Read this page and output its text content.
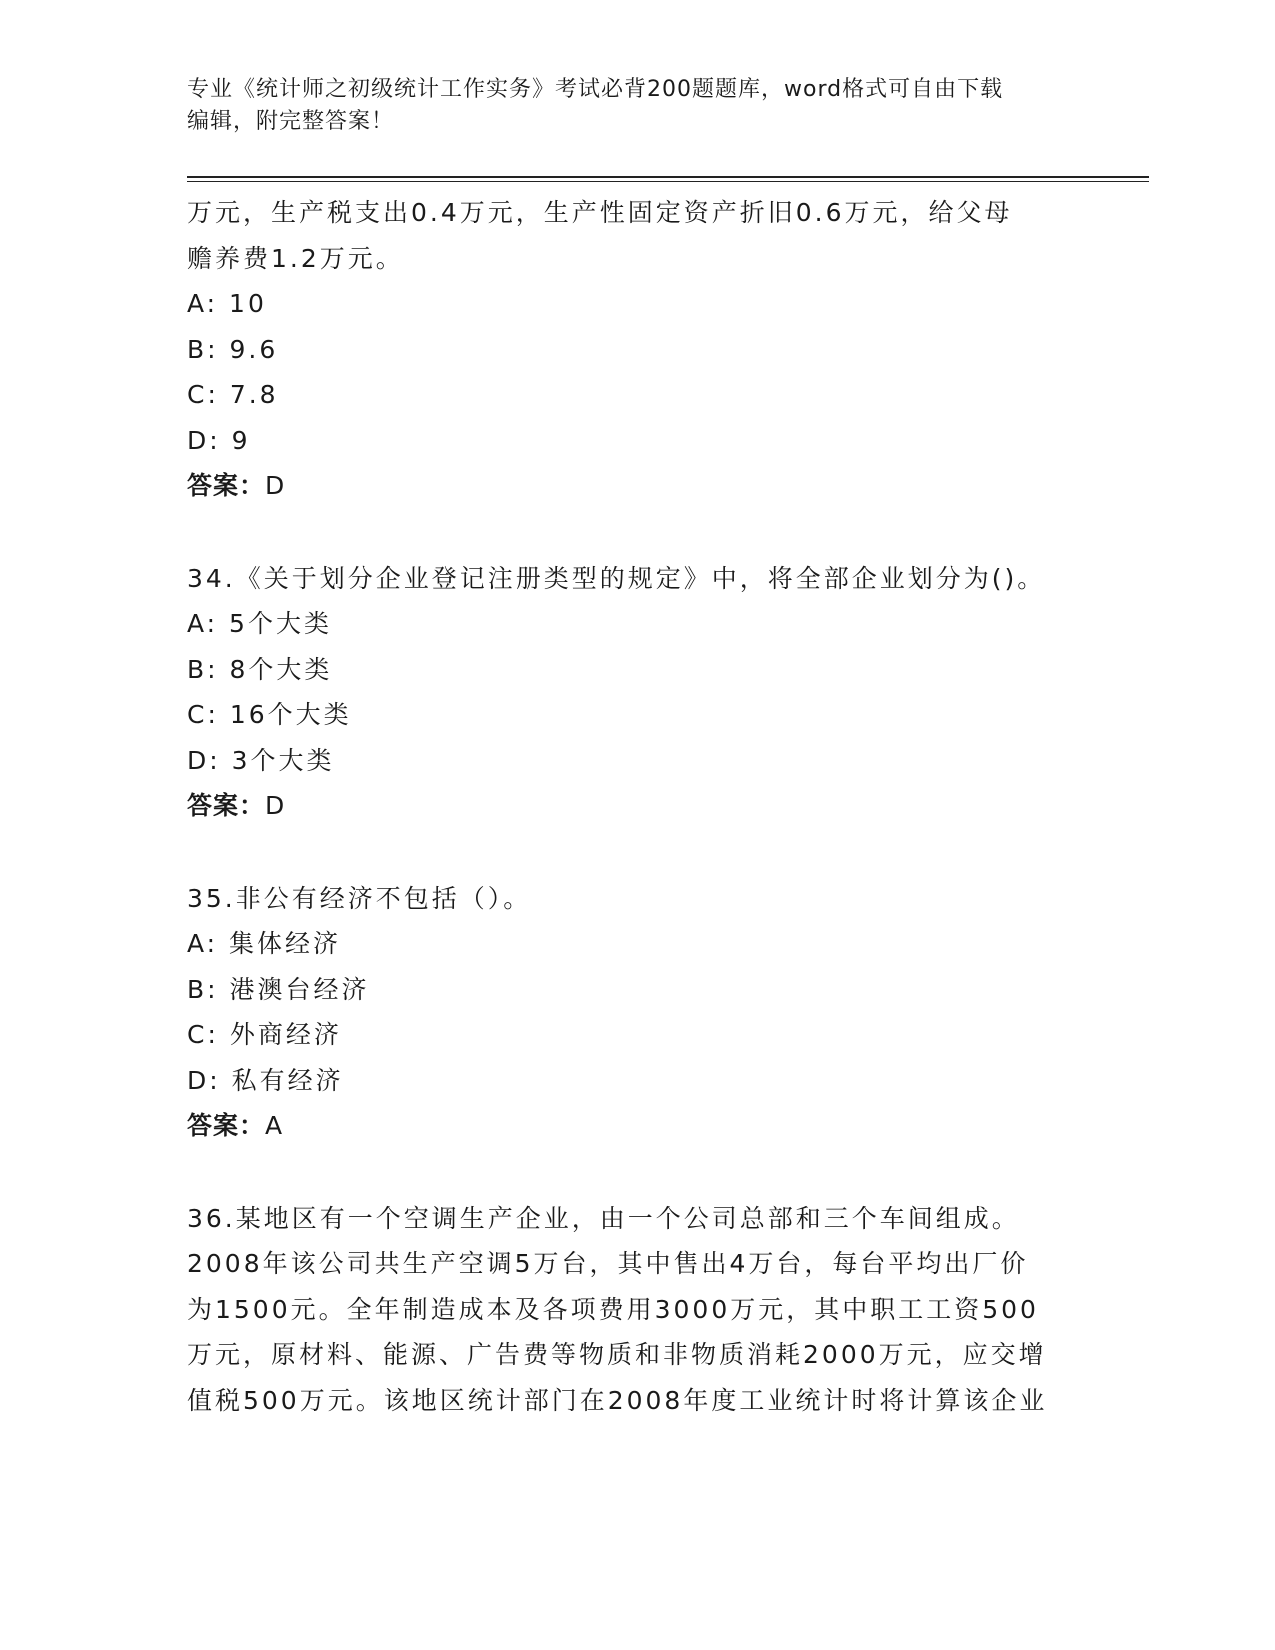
专业《统计师之初级统计工作实务》考试必背200题题库，word格式可自由下载
编辑，附完整答案！
万元，生产税支出0.4万元，生产性固定资产折旧0.6万元，给父母
赡养费1.2万元。
A: 10
B: 9.6
C: 7.8
D: 9
答案：D
34.《关于划分企业登记注册类型的规定》中，将全部企业划分为()。
A: 5个大类
B: 8个大类
C: 16个大类
D: 3个大类
答案：D
35.非公有经济不包括（）。
A: 集体经济
B: 港澳台经济
C: 外商经济
D: 私有经济
答案：A
36.某地区有一个空调生产企业，由一个公司总部和三个车间组成。
2008年该公司共生产空调5万台，其中售出4万台，每台平均出厂价
为1500元。全年制造成本及各项费用3000万元，其中职工工资500
万元，原材料、能源、广告费等物质和非物质消耗2000万元，应交增
值税500万元。该地区统计部门在2008年度工业统计时将计算该企业
